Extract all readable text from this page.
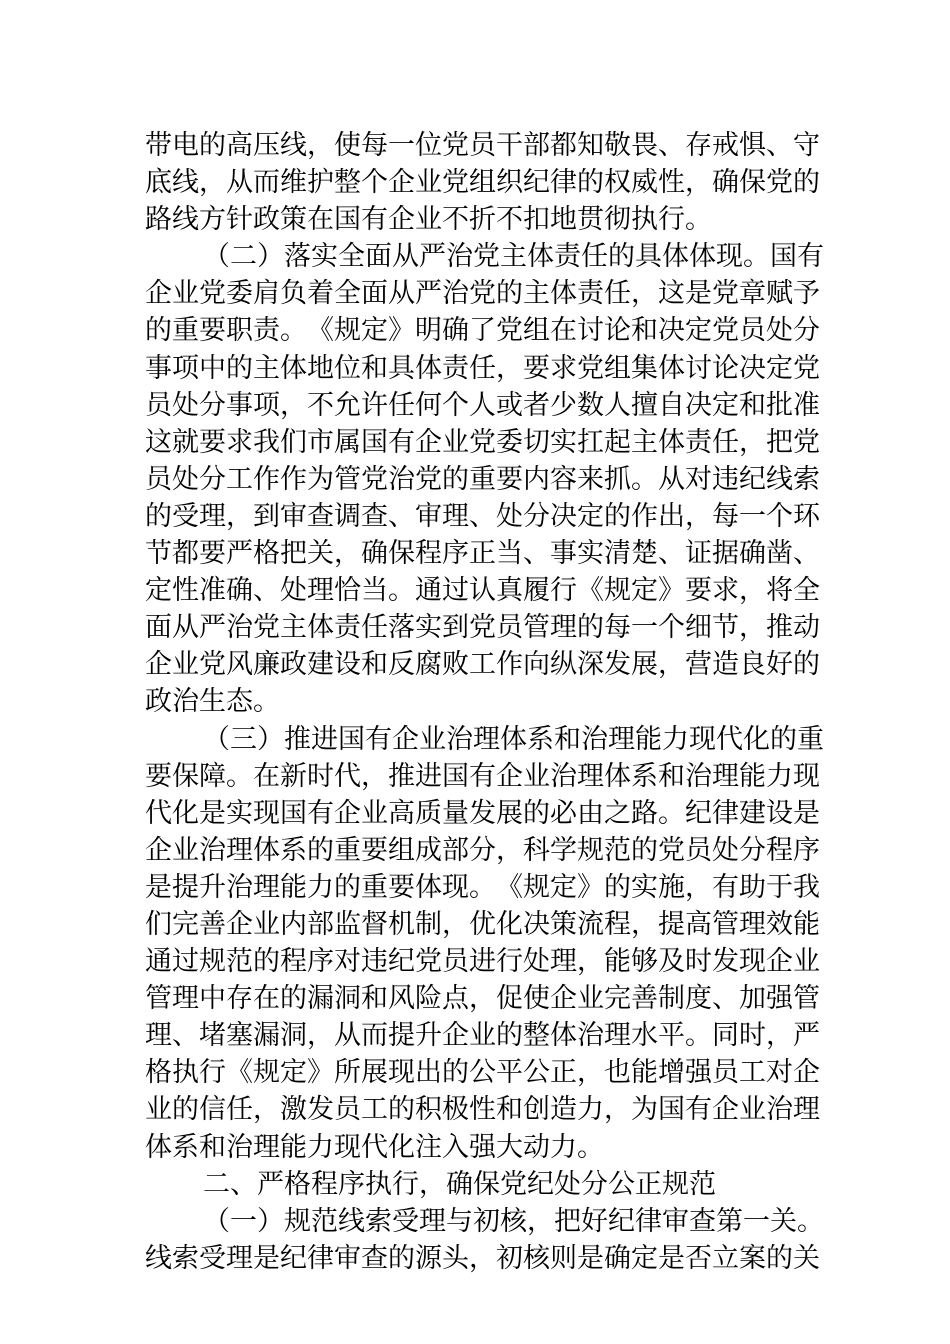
带 电 的 高 压 线 ， 使 每 一 位 党 员 干 部 都 知 敬 畏 、 存 戒 惧 、 守
底 线 ， 从 而 维 护 整 个 企 业 党 组 织 纪 律 的 权 威 性 ， 确 保 党 的
路线方针政策在国有企业不折不扣地贯彻执行。
（ 二 ） 落 实 全 面 从 严 治 党 主 体 责 任 的 具 体 体 现 。 国 有
企 业 党 委 肩 负 着 全 面 从 严 治 党 的 主 体 责 任 ， 这 是 党 章 赋 予
的 重 要 职 责 。 《 规 定 》 明 确 了 党 组 在 讨 论 和 决 定 党 员 处 分
事 项 中 的 主 体 地 位 和 具 体 责 任 ， 要 求 党 组 集 体 讨 论 决 定 党
员 处 分 事 项 ， 不 允 许 任 何 个 人 或 者 少 数 人 擅 自 决 定 和 批 准
这 就 要 求 我 们 市 属 国 有 企 业 党 委 切 实 扛 起 主 体 责 任 ， 把 党
员 处 分 工 作 作 为 管 党 治 党 的 重 要 内 容 来 抓 。 从 对 违 纪 线 索
的 受 理 ， 到 审 查 调 查 、 审 理 、 处 分 决 定 的 作 出 ， 每 一 个 环
节 都 要 严 格 把 关 ， 确 保 程 序 正 当 、 事 实 清 楚 、 证 据 确 凿 、
定 性 准 确 、 处 理 恰 当 。 通 过 认 真 履 行 《 规 定 》 要 求 ， 将 全
面 从 严 治 党 主 体 责 任 落 实 到 党 员 管 理 的 每 一 个 细 节 ， 推 动
企 业 党 风 廉 政 建 设 和 反 腐 败 工 作 向 纵 深 发 展 ， 营 造 良 好 的
政治生态。
（ 三 ） 推 进 国 有 企 业 治 理 体 系 和 治 理 能 力 现 代 化 的 重
要 保 障 。 在 新 时 代 ， 推 进 国 有 企 业 治 理 体 系 和 治 理 能 力 现
代 化 是 实 现 国 有 企 业 高 质 量 发 展 的 必 由 之 路 。 纪 律 建 设 是
企 业 治 理 体 系 的 重 要 组 成 部 分 ， 科 学 规 范 的 党 员 处 分 程 序
是 提 升 治 理 能 力 的 重 要 体 现 。 《 规 定 》 的 实 施 ， 有 助 于 我
们 完 善 企 业 内 部 监 督 机 制 ， 优 化 决 策 流 程 ， 提 高 管 理 效 能
通 过 规 范 的 程 序 对 违 纪 党 员 进 行 处 理 ， 能 够 及 时 发 现 企 业
管 理 中 存 在 的 漏 洞 和 风 险 点 ， 促 使 企 业 完 善 制 度 、 加 强 管
理 、 堵 塞 漏 洞 ， 从 而 提 升 企 业 的 整 体 治 理 水 平 。 同 时 ， 严
格 执 行 《 规 定 》 所 展 现 出 的 公 平 公 正 ， 也 能 增 强 员 工 对 企
业 的 信 任 ， 激 发 员 工 的 积 极 性 和 创 造 力 ， 为 国 有 企 业 治 理
体系和治理能力现代化注入强大动力。
二、严格程序执行，确保党纪处分公正规范
（ 一 ） 规 范 线 索 受 理 与 初 核 ， 把 好 纪 律 审 查 第 一 关 。
线 索 受 理 是 纪 律 审 查 的 源 头 ， 初 核 则 是 确 定 是 否 立 案 的 关
